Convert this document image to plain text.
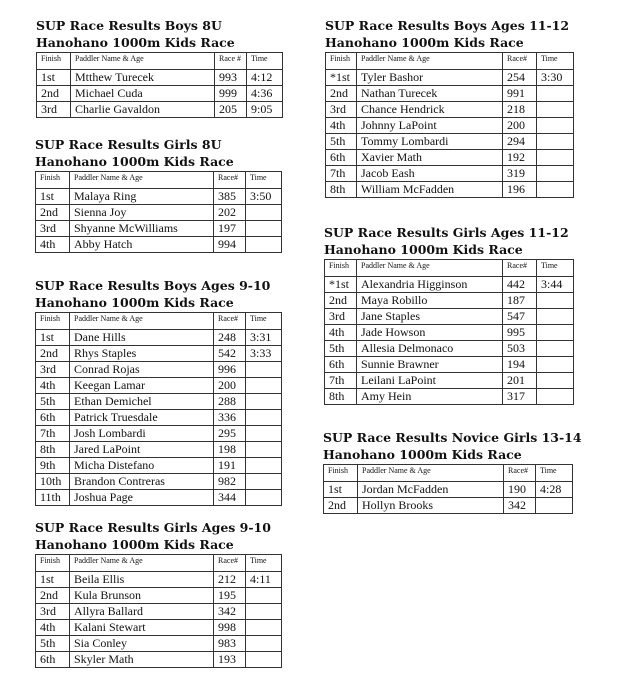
SUP Race Results Boys 8U
Hanohano 1000m Kids Race
Finish	Paddler Name & Age	Race #	Time
1st	Mtthew Turecek	993	4:12
2nd	Michael Cuda	999	4:36
3rd	Charlie Gavaldon	205	9:05
SUP Race Results Girls 8U
Hanohano 1000m Kids Race
Finish	Paddler Name & Age	Race#	Time
1st	Malaya Ring	385	3:50
2nd	Sienna Joy	202	
3rd	Shyanne McWilliams	197	
4th	Abby Hatch	994	
SUP Race Results Boys Ages 9-10
Hanohano 1000m Kids Race
Finish	Paddler Name & Age	Race#	Time
1st	Dane Hills	248	3:31
2nd	Rhys Staples	542	3:33
3rd	Conrad Rojas	996	
4th	Keegan Lamar	200	
5th	Ethan Demichel	288	
6th	Patrick Truesdale	336	
7th	Josh Lombardi	295	
8th	Jared LaPoint	198	
9th	Micha Distefano	191	
10th	Brandon Contreras	982	
11th	Joshua Page	344	
SUP Race Results Girls Ages 9-10
Hanohano 1000m Kids Race
Finish	Paddler Name & Age	Race#	Time
1st	Beila Ellis	212	4:11
2nd	Kula Brunson	195	
3rd	Allyra Ballard	342	
4th	Kalani Stewart	998	
5th	Sia Conley	983	
6th	Skyler Math	193	
SUP Race Results Boys Ages 11-12
Hanohano 1000m Kids Race
Finish	Paddler Name & Age	Race#	Time
*1st	Tyler Bashor	254	3:30
2nd	Nathan Turecek	991	
3rd	Chance Hendrick	218	
4th	Johnny LaPoint	200	
5th	Tommy Lombardi	294	
6th	Xavier Math	192	
7th	Jacob Eash	319	
8th	William McFadden	196	
SUP Race Results Girls Ages 11-12
Hanohano 1000m Kids Race
Finish	Paddler Name & Age	Race#	Time
*1st	Alexandria Higginson	442	3:44
2nd	Maya Robillo	187	
3rd	Jane Staples	547	
4th	Jade Howson	995	
5th	Allesia Delmonaco	503	
6th	Sunnie Brawner	194	
7th	Leilani LaPoint	201	
8th	Amy Hein	317	
SUP Race Results Novice Girls 13-14
Hanohano 1000m Kids Race
Finish	Paddler Name & Age	Race#	Time
1st	Jordan McFadden	190	4:28
2nd	Hollyn Brooks	342	
